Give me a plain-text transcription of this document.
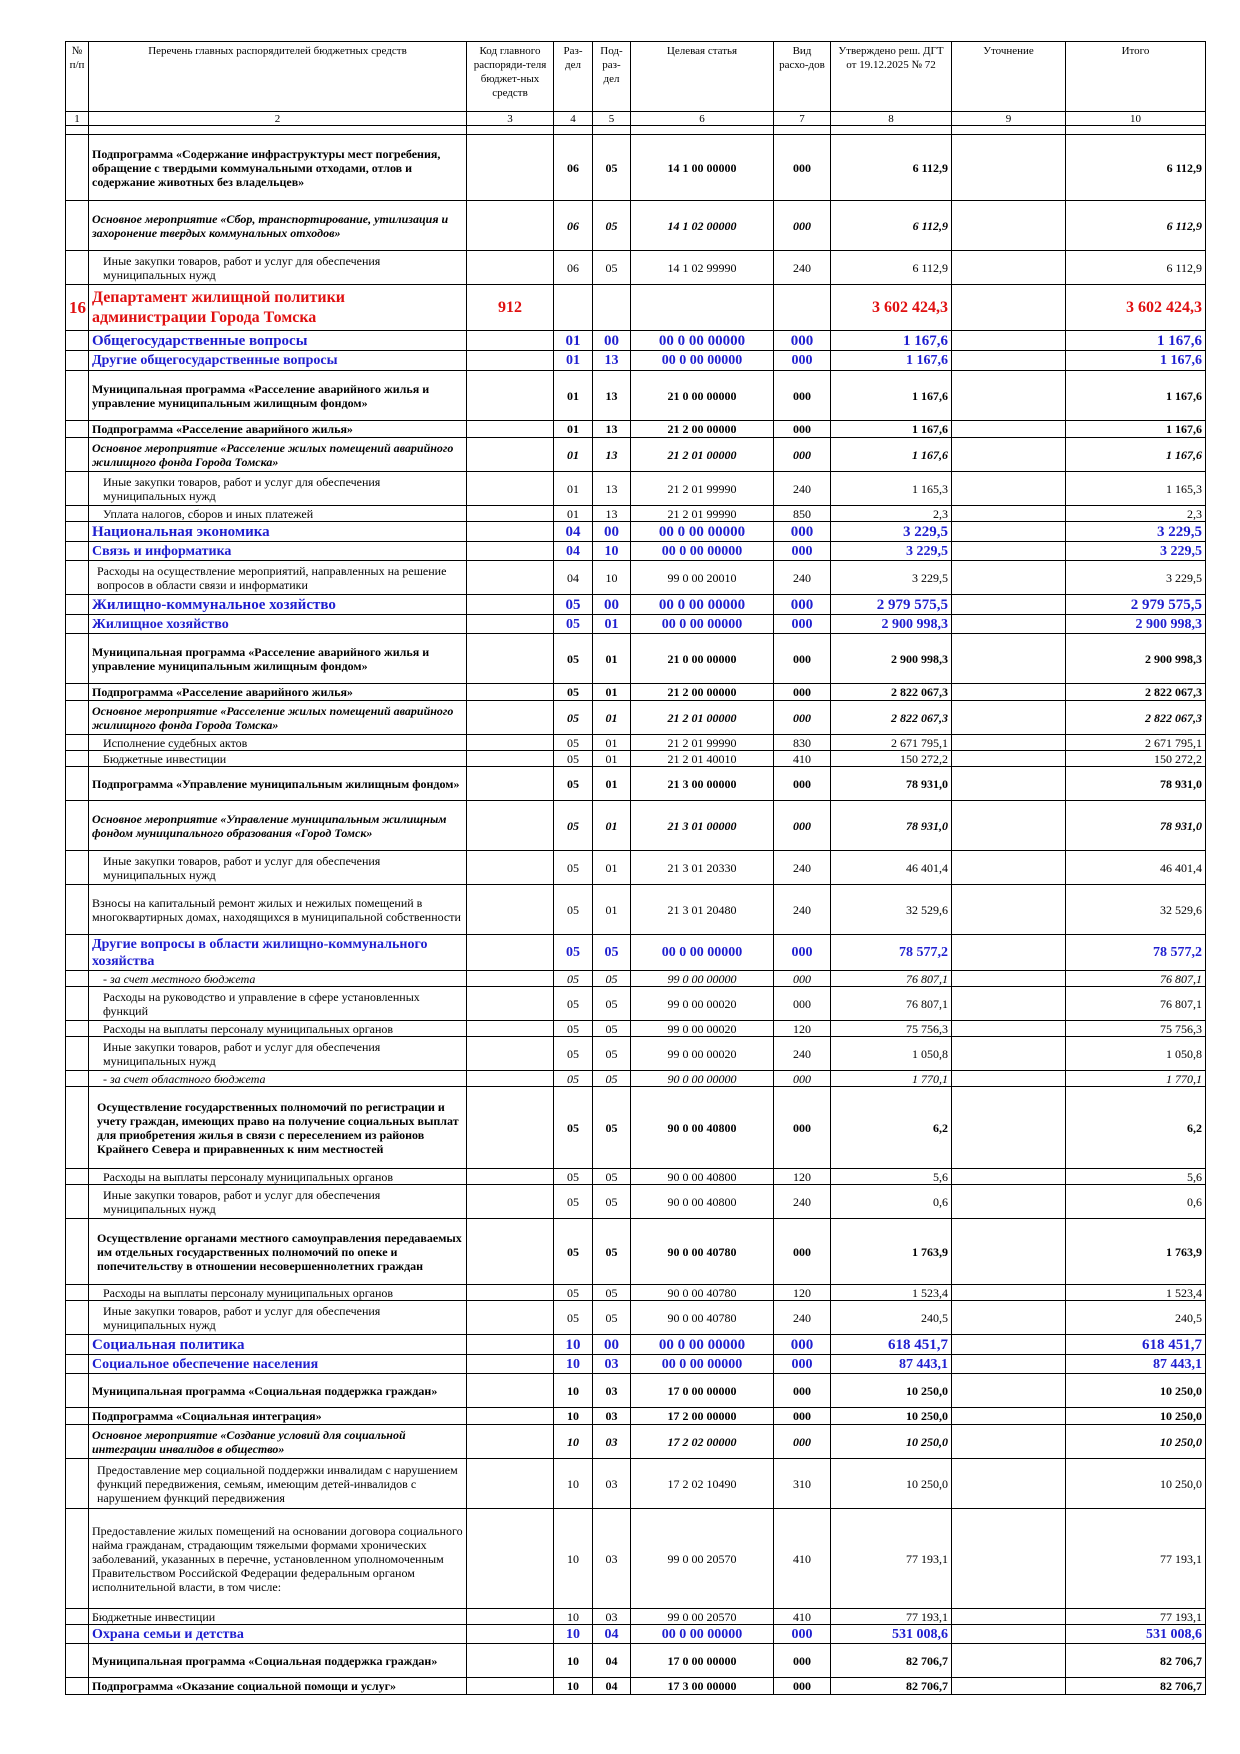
№ п/п	Перечень главных распорядителей бюджетных средств	Код главного распоряди-теля бюджет-ных средств	Раз-дел	Под-раз-дел	Целевая статья	Вид расхо-дов	Утверждено реш. ДГТ от 19.12.2025 № 72	Уточнение	Итого
1	2	3	4	5	6	7	8	9	10

	Подпрограмма «Содержание инфраструктуры мест погребения, обращение с твердыми коммунальными отходами, отлов и содержание животных без владельцев»		06	05	14 1 00 00000	000	6 112,9		6 112,9
	Основное мероприятие «Сбор, транспортирование, утилизация и захоронение твердых коммунальных отходов»		06	05	14 1 02 00000	000	6 112,9		6 112,9
	Иные закупки товаров, работ и услуг для обеспечения муниципальных нужд		06	05	14 1 02 99990	240	6 112,9		6 112,9
16	Департамент жилищной политики администрации Города Томска	912					3 602 424,3		3 602 424,3
	Общегосударственные вопросы		01	00	00 0 00 00000	000	1 167,6		1 167,6
	Другие общегосударственные вопросы		01	13	00 0 00 00000	000	1 167,6		1 167,6
	Муниципальная программа «Расселение аварийного жилья и управление муниципальным жилищным фондом»		01	13	21 0 00 00000	000	1 167,6		1 167,6
	Подпрограмма «Расселение аварийного жилья»		01	13	21 2 00 00000	000	1 167,6		1 167,6
	Основное мероприятие «Расселение жилых помещений аварийного жилищного фонда Города Томска»		01	13	21 2 01 00000	000	1 167,6		1 167,6
	Иные закупки товаров, работ и услуг для обеспечения муниципальных нужд		01	13	21 2 01 99990	240	1 165,3		1 165,3
	Уплата налогов, сборов и иных платежей		01	13	21 2 01 99990	850	2,3		2,3
	Национальная экономика		04	00	00 0 00 00000	000	3 229,5		3 229,5
	Связь и информатика		04	10	00 0 00 00000	000	3 229,5		3 229,5
	Расходы на осуществление мероприятий, направленных на решение вопросов в области связи и информатики		04	10	99 0 00 20010	240	3 229,5		3 229,5
	Жилищно-коммунальное хозяйство		05	00	00 0 00 00000	000	2 979 575,5		2 979 575,5
	Жилищное хозяйство		05	01	00 0 00 00000	000	2 900 998,3		2 900 998,3
	Муниципальная программа «Расселение аварийного жилья и управление муниципальным жилищным фондом»		05	01	21 0 00 00000	000	2 900 998,3		2 900 998,3
	Подпрограмма «Расселение аварийного жилья»		05	01	21 2 00 00000	000	2 822 067,3		2 822 067,3
	Основное мероприятие «Расселение жилых помещений аварийного жилищного фонда Города Томска»		05	01	21 2 01 00000	000	2 822 067,3		2 822 067,3
	Исполнение судебных актов		05	01	21 2 01 99990	830	2 671 795,1		2 671 795,1
	Бюджетные инвестиции		05	01	21 2 01 40010	410	150 272,2		150 272,2
	Подпрограмма «Управление муниципальным жилищным фондом»		05	01	21 3 00 00000	000	78 931,0		78 931,0
	Основное мероприятие «Управление муниципальным жилищным фондом муниципального образования «Город Томск»		05	01	21 3 01 00000	000	78 931,0		78 931,0
	Иные закупки товаров, работ и услуг для обеспечения муниципальных нужд		05	01	21 3 01 20330	240	46 401,4		46 401,4
	Взносы на капитальный ремонт жилых и нежилых помещений в многоквартирных домах, находящихся в муниципальной собственности		05	01	21 3 01 20480	240	32 529,6		32 529,6
	Другие вопросы в области жилищно-коммунального хозяйства		05	05	00 0 00 00000	000	78 577,2		78 577,2
	- за счет местного бюджета		05	05	99 0 00 00000	000	76 807,1		76 807,1
	Расходы на руководство и управление в сфере установленных функций		05	05	99 0 00 00020	000	76 807,1		76 807,1
	Расходы на выплаты персоналу муниципальных органов		05	05	99 0 00 00020	120	75 756,3		75 756,3
	Иные закупки товаров, работ и услуг для обеспечения муниципальных нужд		05	05	99 0 00 00020	240	1 050,8		1 050,8
	- за счет областного бюджета		05	05	90 0 00 00000	000	1 770,1		1 770,1
	Осуществление государственных полномочий по регистрации и учету граждан, имеющих право на получение социальных выплат для приобретения жилья в связи с переселением из районов Крайнего Севера и приравненных к ним местностей		05	05	90 0 00 40800	000	6,2		6,2
	Расходы на выплаты персоналу муниципальных органов		05	05	90 0 00 40800	120	5,6		5,6
	Иные закупки товаров, работ и услуг для обеспечения муниципальных нужд		05	05	90 0 00 40800	240	0,6		0,6
	Осуществление органами местного самоуправления передаваемых им отдельных государственных полномочий по опеке и попечительству в отношении несовершеннолетних граждан		05	05	90 0 00 40780	000	1 763,9		1 763,9
	Расходы на выплаты персоналу муниципальных органов		05	05	90 0 00 40780	120	1 523,4		1 523,4
	Иные закупки товаров, работ и услуг для обеспечения муниципальных нужд		05	05	90 0 00 40780	240	240,5		240,5
	Социальная политика		10	00	00 0 00 00000	000	618 451,7		618 451,7
	Социальное обеспечение населения		10	03	00 0 00 00000	000	87 443,1		87 443,1
	Муниципальная программа «Социальная поддержка граждан»		10	03	17 0 00 00000	000	10 250,0		10 250,0
	Подпрограмма «Социальная интеграция»		10	03	17 2 00 00000	000	10 250,0		10 250,0
	Основное мероприятие «Создание условий для социальной интеграции инвалидов в общество»		10	03	17 2 02 00000	000	10 250,0		10 250,0
	Предоставление мер социальной поддержки инвалидам с нарушением функций передвижения, семьям, имеющим детей-инвалидов с нарушением функций передвижения		10	03	17 2 02 10490	310	10 250,0		10 250,0
	Предоставление жилых помещений на основании договора социального найма гражданам, страдающим тяжелыми формами хронических заболеваний, указанных в перечне, установленном уполномоченным Правительством Российской Федерации федеральным органом исполнительной власти, в том числе:		10	03	99 0 00 20570	410	77 193,1		77 193,1
	Бюджетные инвестиции		10	03	99 0 00 20570	410	77 193,1		77 193,1
	Охрана семьи и детства		10	04	00 0 00 00000	000	531 008,6		531 008,6
	Муниципальная программа «Социальная поддержка граждан»		10	04	17 0 00 00000	000	82 706,7		82 706,7
	Подпрограмма «Оказание социальной помощи и услуг»		10	04	17 3 00 00000	000	82 706,7		82 706,7
